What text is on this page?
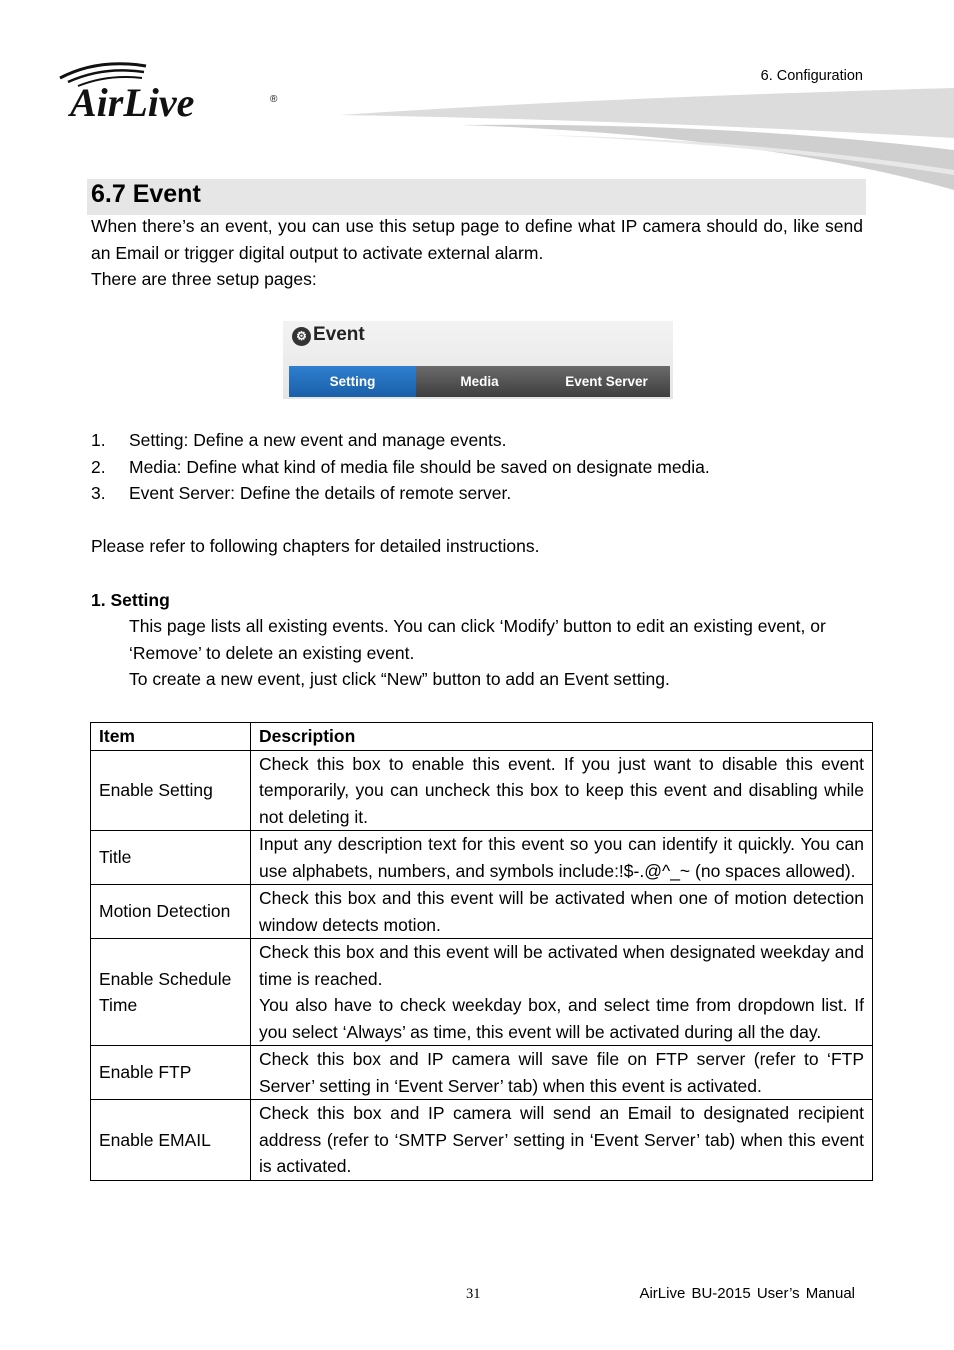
AirLive	®
6. Configuration
6.7 Event
When there’s an event, you can use this setup page to define what IP camera should do, like send an Email or trigger digital output to activate external alarm.
There are three setup pages:
⚙ Event
Setting	Media	Event Server
1. Setting: Define a new event and manage events.
2. Media: Define what kind of media file should be saved on designate media.
3. Event Server: Define the details of remote server.
Please refer to following chapters for detailed instructions.
1. Setting
This page lists all existing events. You can click ‘Modify’ button to edit an existing event, or ‘Remove’ to delete an existing event.
To create a new event, just click “New” button to add an Event setting.
Item	Description
Enable Setting	Check this box to enable this event. If you just want to disable this event temporarily, you can uncheck this box to keep this event and disabling while not deleting it.
Title	Input any description text for this event so you can identify it quickly. You can use alphabets, numbers, and symbols include:!$-.@^_~ (no spaces allowed).
Motion Detection	Check this box and this event will be activated when one of motion detection window detects motion.
Enable Schedule Time	Check this box and this event will be activated when designated weekday and time is reached.
You also have to check weekday box, and select time from dropdown list. If you select ‘Always’ as time, this event will be activated during all the day.

Enable FTP	Check this box and IP camera will save file on FTP server (refer to ‘FTP Server’ setting in ‘Event Server’ tab) when this event is activated.
Enable EMAIL	Check this box and IP camera will send an Email to designated recipient address (refer to ‘SMTP Server’ setting in ‘Event Server’ tab) when this event is activated.
31	AirLive BU-2015 User’s Manual
